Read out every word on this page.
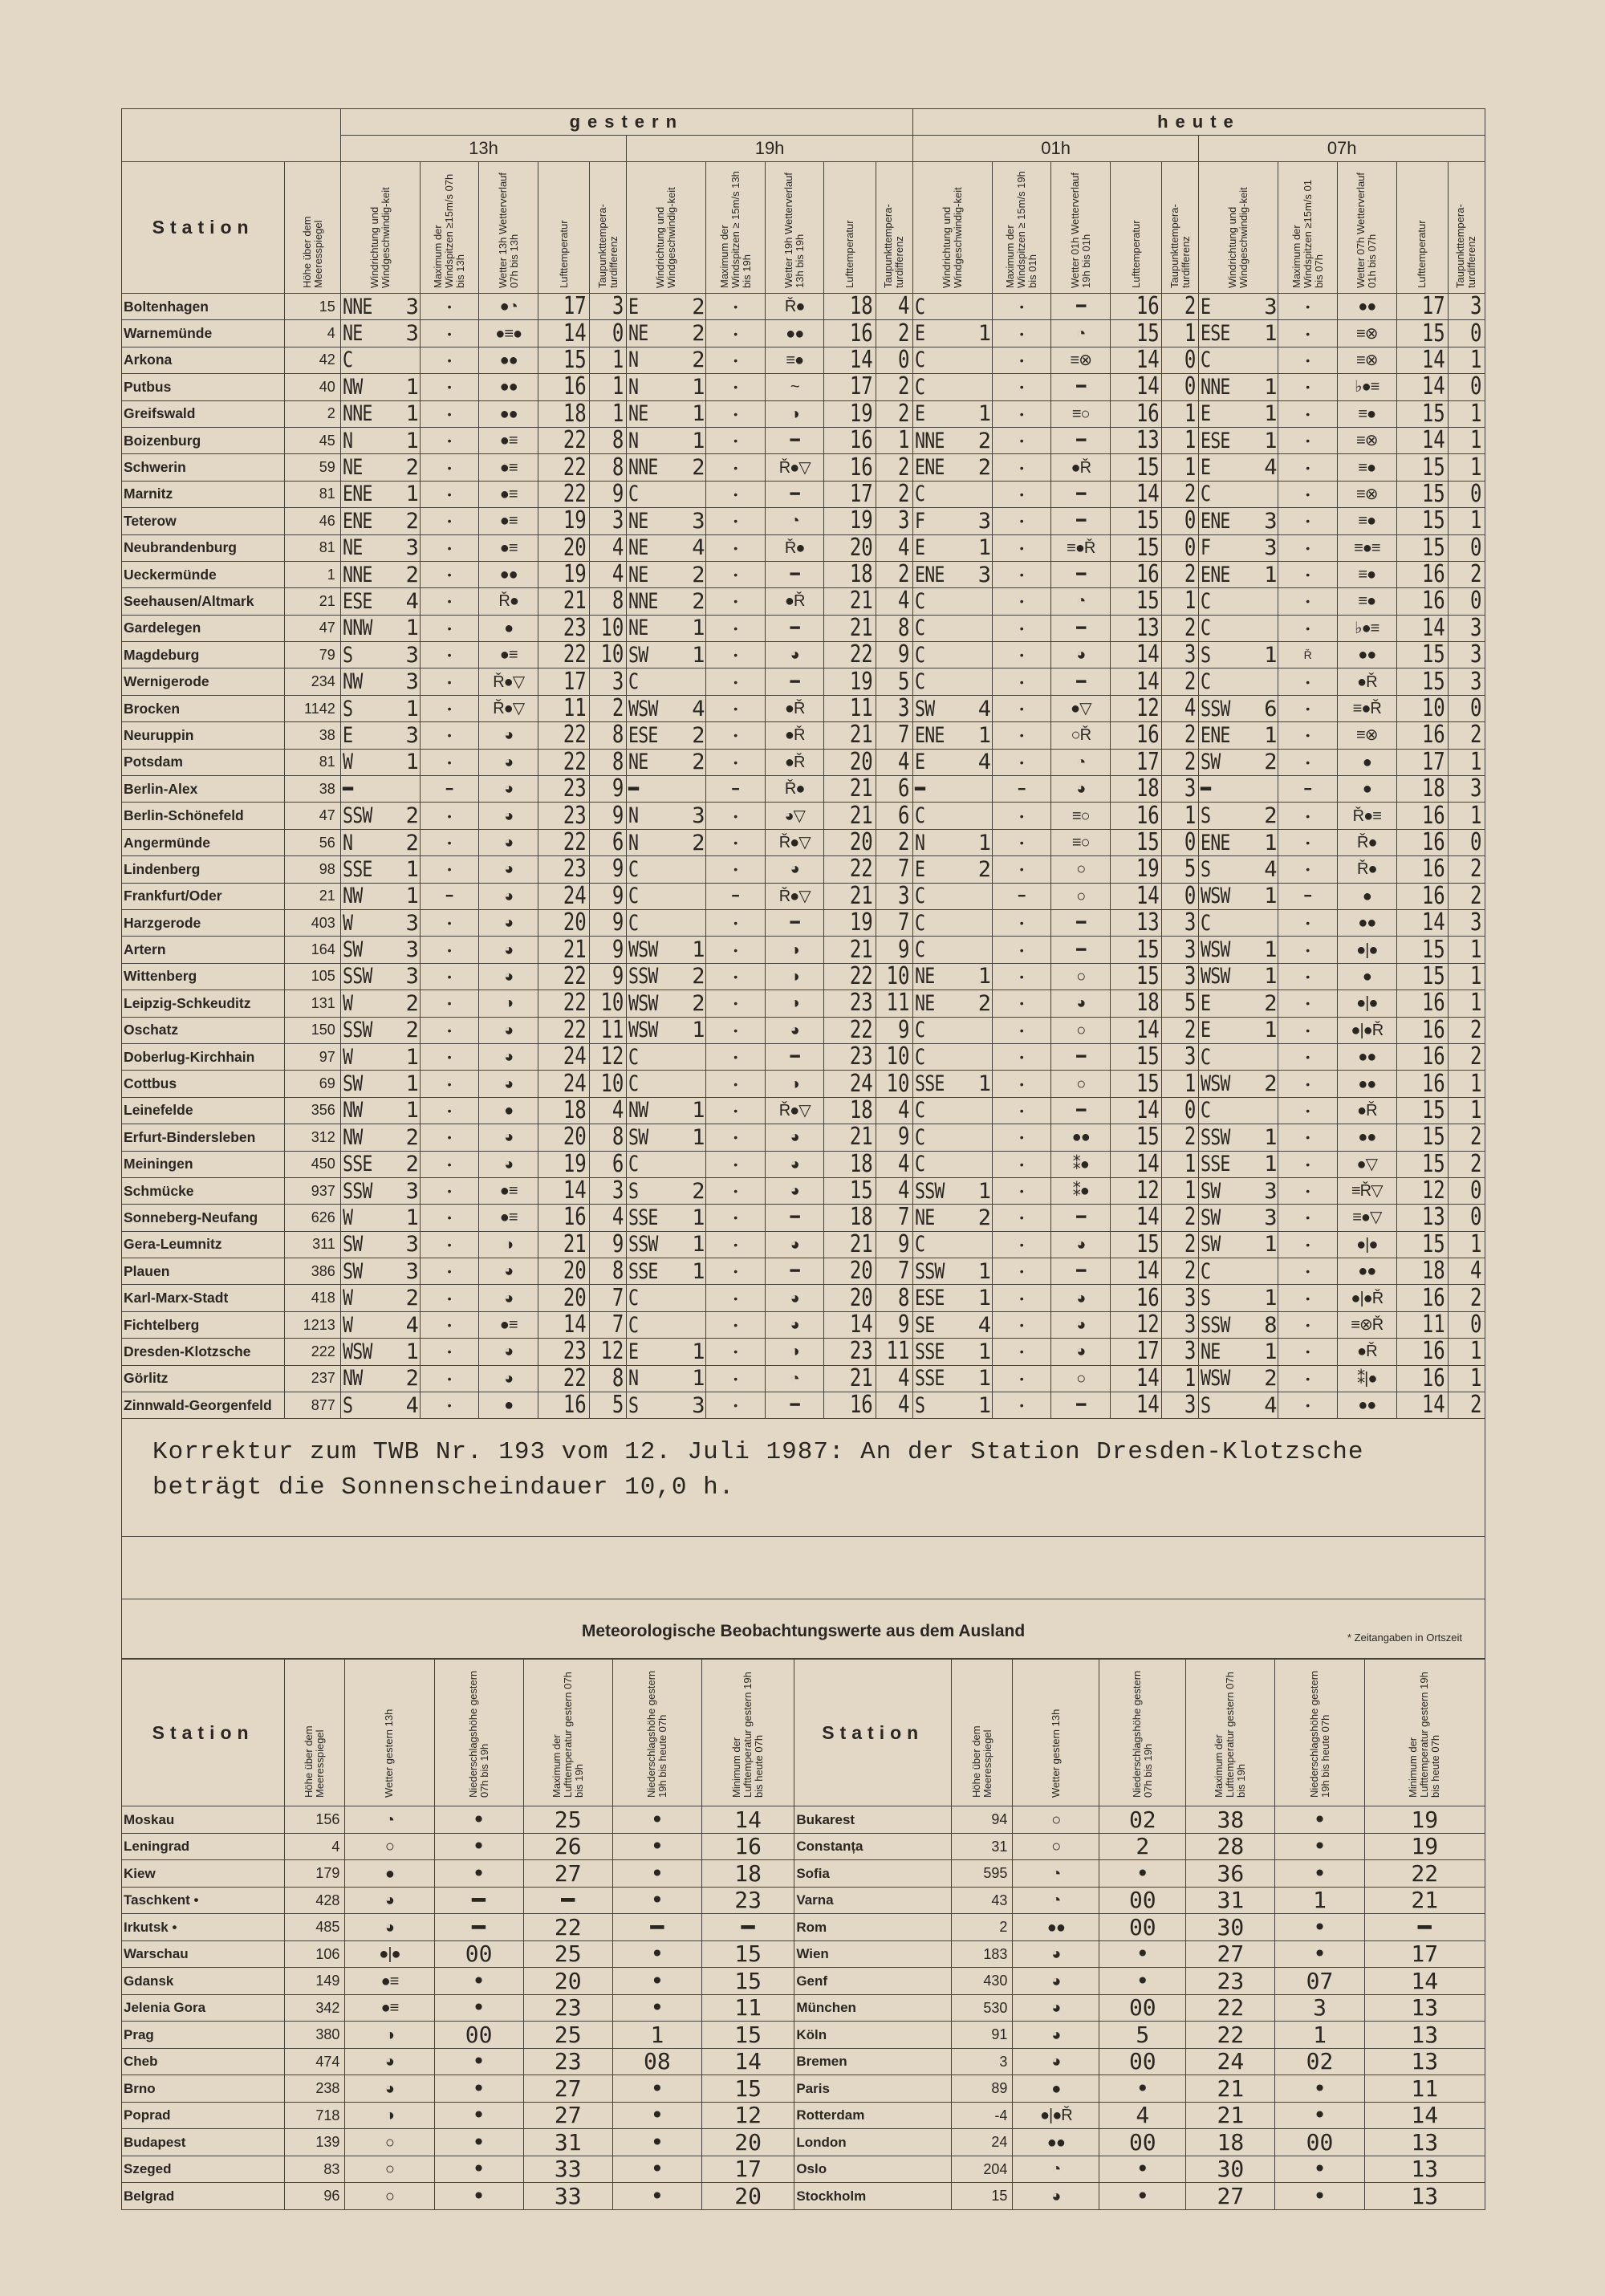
		gestern										heute									
		13h					19h					01h					07h				
Station	Höhe über dem Meeresspiegel	Windrichtung und Windgeschwindig-keit	Maximum der Windspitzen ≥15m/s 07h bis 13h	Wetter 13h Wetterverlauf 07h bis 13h	Lufttemperatur	Taupunkttempera-turdifferenz	Windrichtung und Windgeschwindig-keit	Maximum der Windspitzen ≥ 15m/s 13h bis 19h	Wetter 19h Wetterverlauf 13h bis 19h	Lufttemperatur	Taupunkttempera-turdifferenz	Windrichtung und Windgeschwindig-keit	Maximum der Windspitzen ≥ 15m/s 19h bis 01h	Wetter 01h Wetterverlauf 19h bis 01h	Lufttemperatur	Taupunkttempera-turdifferenz	Windrichtung und Windgeschwindig-keit	Maximum der Windspitzen ≥15m/s 01 bis 07h	Wetter 07h Wetterverlauf 01h bis 07h	Lufttemperatur	Taupunkttempera-turdifferenz

Boltenhagen	15	NNE 3	•	●◔	17	3	E 2	•	Ř●	18	4	C	•	━	16	2	E 3	•	●●	17	3
Warnemünde	4	NE 3	•	●≡●	14	0	NE 2	•	●●	16	2	E 1	•	◔	15	1	ESE 1	•	≡⊗	15	0
Arkona	42	C	•	●●	15	1	N 2	•	≡●	14	0	C	•	≡⊗	14	0	C	•	≡⊗	14	1
Putbus	40	NW 1	•	●●	16	1	N 1	•	~	17	2	C	•	━	14	0	NNE 1	•	♭●≡	14	0
Greifswald	2	NNE 1	•	●●	18	1	NE 1	•	◑	19	2	E 1	•	≡○	16	1	E 1	•	≡●	15	1
Boizenburg	45	N 1	•	●≡	22	8	N 1	•	━	16	1	NNE 2	•	━	13	1	ESE 1	•	≡⊗	14	1
Schwerin	59	NE 2	•	●≡	22	8	NNE 2	•	Ř●▽	16	2	ENE 2	•	●Ř	15	1	E 4	•	≡●	15	1
Marnitz	81	ENE 1	•	●≡	22	9	C	•	━	17	2	C	•	━	14	2	C	•	≡⊗	15	0
Teterow	46	ENE 2	•	●≡	19	3	NE 3	•	◔	19	3	F 3	•	━	15	0	ENE 3	•	≡●	15	1
Neubrandenburg	81	NE 3	•	●≡	20	4	NE 4	•	Ř●	20	4	E 1	•	≡●Ř	15	0	F 3	•	≡●≡	15	0
Ueckermünde	1	NNE 2	•	●●	19	4	NE 2	•	━	18	2	ENE 3	•	━	16	2	ENE 1	•	≡●	16	2
Seehausen/Altmark	21	ESE 4	•	Ř●	21	8	NNE 2	•	●Ř	21	4	C	•	◔	15	1	C	•	≡●	16	0
Gardelegen	47	NNW 1	•	●	23	10	NE 1	•	━	21	8	C	•	━	13	2	C	•	♭●≡	14	3
Magdeburg	79	S 3	•	●≡	22	10	SW 1	•	◕	22	9	C	•	◕	14	3	S 1	Ř	●●	15	3
Wernigerode	234	NW 3	•	Ř●▽	17	3	C	•	━	19	5	C	•	━	14	2	C	•	●Ř	15	3
Brocken	1142	S 1	•	Ř●▽	11	2	WSW 4	•	●Ř	11	3	SW 4	•	●▽	12	4	SSW 6	•	≡●Ř	10	0
Neuruppin	38	E 3	•	◕	22	8	ESE 2	•	●Ř	21	7	ENE 1	•	○Ř	16	2	ENE 1	•	≡⊗	16	2
Potsdam	81	W 1	•	◕	22	8	NE 2	•	●Ř	20	4	E 4	•	◔	17	2	SW 2	•	●	17	1
Berlin-Alex	38	━	━	◕	23	9	━	━	Ř●	21	6	━	━	◕	18	3	━	━	●	18	3
Berlin-Schönefeld	47	SSW 2	•	◕	23	9	N 3	•	◕▽	21	6	C	•	≡○	16	1	S 2	•	Ř●≡	16	1
Angermünde	56	N 2	•	◕	22	6	N 2	•	Ř●▽	20	2	N 1	•	≡○	15	0	ENE 1	•	Ř●	16	0
Lindenberg	98	SSE 1	•	◕	23	9	C	•	◕	22	7	E 2	•	○	19	5	S 4	•	Ř●	16	2
Frankfurt/Oder	21	NW 1	━	◕	24	9	C	━	Ř●▽	21	3	C	━	○	14	0	WSW 1	━	●	16	2
Harzgerode	403	W 3	•	◕	20	9	C	•	━	19	7	C	•	━	13	3	C	•	●●	14	3
Artern	164	SW 3	•	◕	21	9	WSW 1	•	◑	21	9	C	•	━	15	3	WSW 1	•	●|●	15	1
Wittenberg	105	SSW 3	•	◕	22	9	SSW 2	•	◑	22	10	NE 1	•	○	15	3	WSW 1	•	●	15	1
Leipzig-Schkeuditz	131	W 2	•	◑	22	10	WSW 2	•	◑	23	11	NE 2	•	◕	18	5	E 2	•	●|●	16	1
Oschatz	150	SSW 2	•	◕	22	11	WSW 1	•	◕	22	9	C	•	○	14	2	E 1	•	●|●Ř	16	2
Doberlug-Kirchhain	97	W 1	•	◕	24	12	C	•	━	23	10	C	•	━	15	3	C	•	●●	16	2
Cottbus	69	SW 1	•	◕	24	10	C	•	◑	24	10	SSE 1	•	○	15	1	WSW 2	•	●●	16	1
Leinefelde	356	NW 1	•	●	18	4	NW 1	•	Ř●▽	18	4	C	•	━	14	0	C	•	●Ř	15	1
Erfurt-Bindersleben	312	NW 2	•	◕	20	8	SW 1	•	◕	21	9	C	•	●●	15	2	SSW 1	•	●●	15	2
Meiningen	450	SSE 2	•	◕	19	6	C	•	◕	18	4	C	•	⁑●	14	1	SSE 1	•	●▽	15	2
Schmücke	937	SSW 3	•	●≡	14	3	S 2	•	◕	15	4	SSW 1	•	⁑●	12	1	SW 3	•	≡Ř▽	12	0
Sonneberg-Neufang	626	W 1	•	●≡	16	4	SSE 1	•	━	18	7	NE 2	•	━	14	2	SW 3	•	≡●▽	13	0
Gera-Leumnitz	311	SW 3	•	◑	21	9	SSW 1	•	◕	21	9	C	•	◕	15	2	SW 1	•	●|●	15	1
Plauen	386	SW 3	•	◕	20	8	SSE 1	•	━	20	7	SSW 1	•	━	14	2	C	•	●●	18	4
Karl-Marx-Stadt	418	W 2	•	◕	20	7	C	•	◕	20	8	ESE 1	•	◕	16	3	S 1	•	●|●Ř	16	2
Fichtelberg	1213	W 4	•	●≡	14	7	C	•	◕	14	9	SE 4	•	◕	12	3	SSW 8	•	≡⊗Ř	11	0
Dresden-Klotzsche	222	WSW 1	•	◕	23	12	E 1	•	◑	23	11	SSE 1	•	◕	17	3	NE 1	•	●Ř	16	1
Görlitz	237	NW 2	•	◕	22	8	N 1	•	◔	21	4	SSE 1	•	○	14	1	WSW 2	•	⁑|●	16	1
Zinnwald-Georgenfeld	877	S 4	•	●	16	5	S 3	•	━	16	4	S 1	•	━	14	3	S 4	•	●●	14	2
Korrektur zum TWB Nr. 193 vom 12. Juli 1987: An der Station Dresden-Klotzsche
beträgt die Sonnenscheindauer 10,0 h.
Meteorologische Beobachtungswerte aus dem Ausland	* Zeitangaben in Ortszeit
Station	Höhe über dem Meeresspiegel	Wetter gestern 13h	Niederschlagshöhe gestern 07h bis 19h	Maximum der Lufttemperatur gestern 07h bis 19h	Niederschlagshöhe gestern 19h bis heute 07h	Minimum der Lufttemperatur gestern 19h bis heute 07h	Station	Höhe über dem Meeresspiegel	Wetter gestern 13h	Niederschlagshöhe gestern 07h bis 19h	Maximum der Lufttemperatur gestern 07h bis 19h	Niederschlagshöhe gestern 19h bis heute 07h	Minimum der Lufttemperatur gestern 19h bis heute 07h

Moskau	156	◔	•	25	•	14	Bukarest	94	○	02	38	•	19
Leningrad	4	○	•	26	•	16	Constanța	31	○	2	28	•	19
Kiew	179	●	•	27	•	18	Sofia	595	◔	•	36	•	22
Taschkent •	428	◕	━	━	•	23	Varna	43	◔	00	31	1	21
Irkutsk •	485	◕	━	22	━	━	Rom	2	●●	00	30	•	━
Warschau	106	●|●	00	25	•	15	Wien	183	◕	•	27	•	17
Gdansk	149	●≡	•	20	•	15	Genf	430	◕	•	23	07	14
Jelenia Gora	342	●≡	•	23	•	11	München	530	◕	00	22	3	13
Prag	380	◑	00	25	1	15	Köln	91	◕	5	22	1	13
Cheb	474	◕	•	23	08	14	Bremen	3	◕	00	24	02	13
Brno	238	◕	•	27	•	15	Paris	89	●	•	21	•	11
Poprad	718	◑	•	27	•	12	Rotterdam	-4	●|●Ř	4	21	•	14
Budapest	139	○	•	31	•	20	London	24	●●	00	18	00	13
Szeged	83	○	•	33	•	17	Oslo	204	◔	•	30	•	13
Belgrad	96	○	•	33	•	20	Stockholm	15	◕	•	27	•	13
